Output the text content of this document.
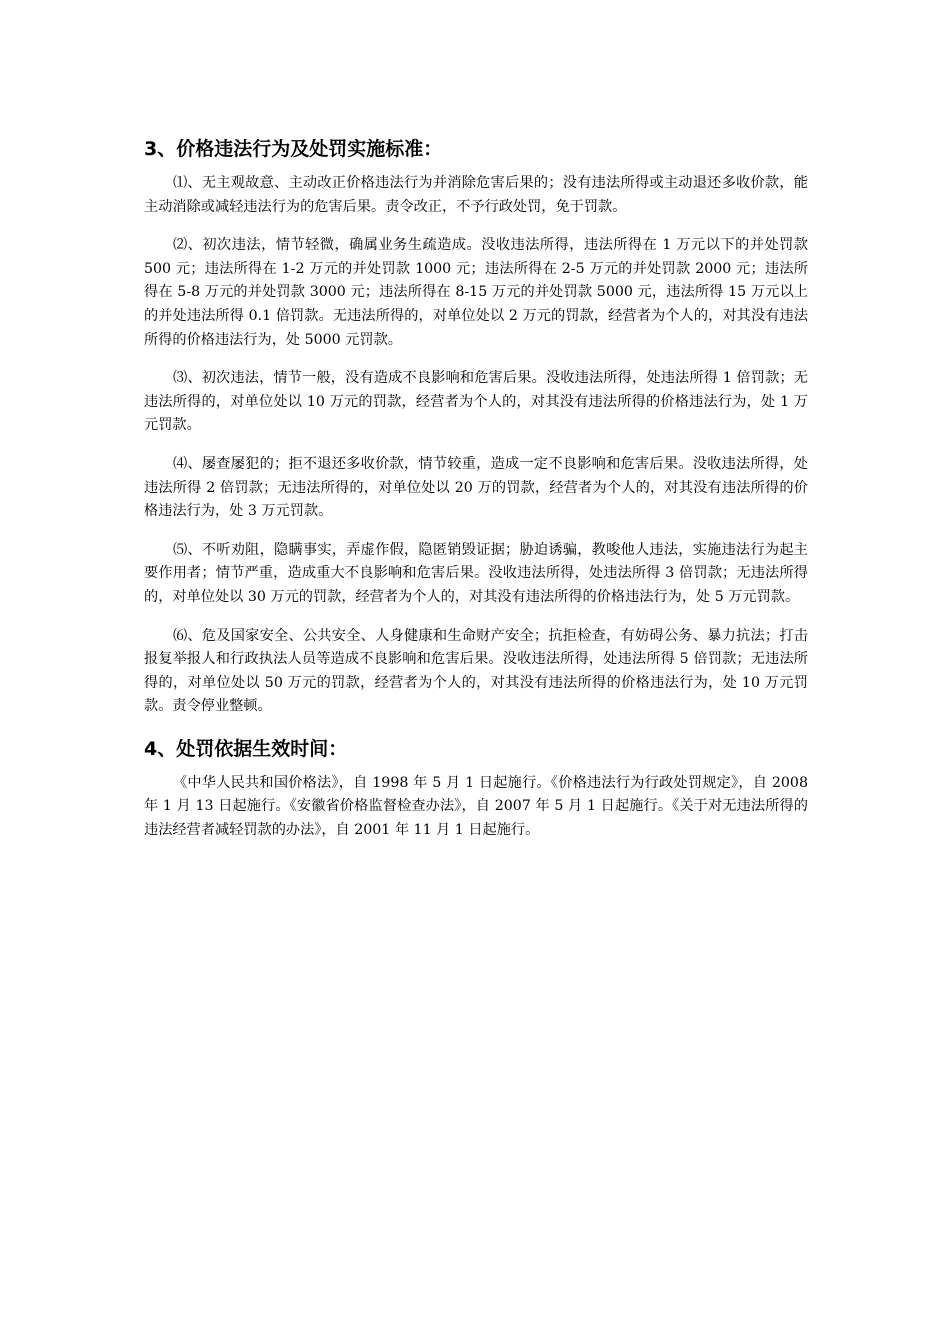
3、价格违法行为及处罚实施标准：

⑴、无主观故意、主动改正价格违法行为并消除危害后果的；没有违法所得或主动退还多收价款，能主动消除或减轻违法行为的危害后果。责令改正，不予行政处罚，免于罚款。

⑵、初次违法，情节轻微，确属业务生疏造成。没收违法所得，违法所得在 1 万元以下的并处罚款 500 元；违法所得在 1-2 万元的并处罚款 1000 元；违法所得在 2-5 万元的并处罚款 2000 元；违法所得在 5-8 万元的并处罚款 3000 元；违法所得在 8-15 万元的并处罚款 5000 元，违法所得 15 万元以上的并处违法所得 0.1 倍罚款。无违法所得的，对单位处以 2 万元的罚款，经营者为个人的，对其没有违法所得的价格违法行为，处 5000 元罚款。

⑶、初次违法，情节一般，没有造成不良影响和危害后果。没收违法所得，处违法所得 1 倍罚款；无违法所得的，对单位处以 10 万元的罚款，经营者为个人的，对其没有违法所得的价格违法行为，处 1 万元罚款。

⑷、屡查屡犯的；拒不退还多收价款，情节较重，造成一定不良影响和危害后果。没收违法所得，处违法所得 2 倍罚款；无违法所得的，对单位处以 20 万的罚款，经营者为个人的，对其没有违法所得的价格违法行为，处 3 万元罚款。

⑸、不听劝阻，隐瞒事实，弄虚作假，隐匿销毁证据；胁迫诱骗，教唆他人违法，实施违法行为起主要作用者；情节严重，造成重大不良影响和危害后果。没收违法所得，处违法所得 3 倍罚款；无违法所得的，对单位处以 30 万元的罚款，经营者为个人的，对其没有违法所得的价格违法行为，处 5 万元罚款。

⑹、危及国家安全、公共安全、人身健康和生命财产安全；抗拒检查，有妨碍公务、暴力抗法；打击报复举报人和行政执法人员等造成不良影响和危害后果。没收违法所得，处违法所得 5 倍罚款；无违法所得的，对单位处以 50 万元的罚款，经营者为个人的，对其没有违法所得的价格违法行为，处 10 万元罚款。责令停业整顿。

4、处罚依据生效时间：

《中华人民共和国价格法》，自 1998 年 5 月 1 日起施行。《价格违法行为行政处罚规定》，自 2008 年 1 月 13 日起施行。《安徽省价格监督检查办法》，自 2007 年 5 月 1 日起施行。《关于对无违法所得的违法经营者减轻罚款的办法》，自 2001 年 11 月 1 日起施行。
